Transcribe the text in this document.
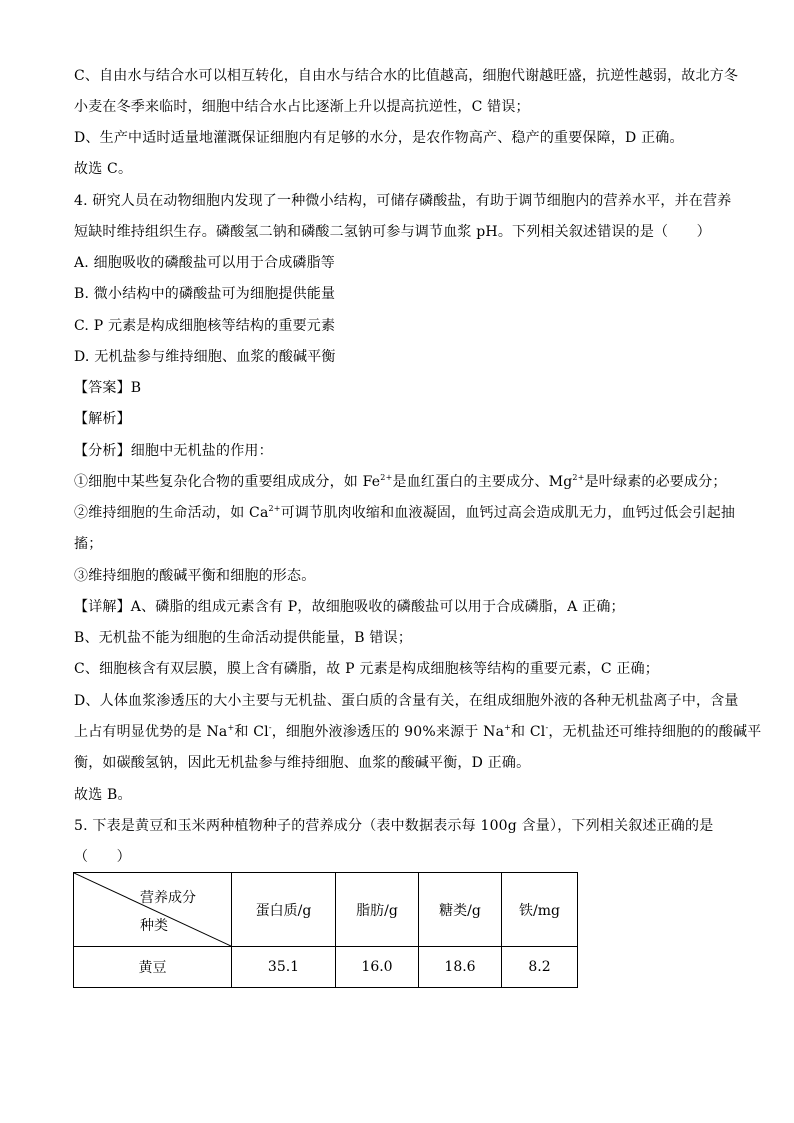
C、自由水与结合水可以相互转化，自由水与结合水的比值越高，细胞代谢越旺盛，抗逆性越弱，故北方冬
小麦在冬季来临时，细胞中结合水占比逐渐上升以提高抗逆性，C 错误；
D、生产中适时适量地灌溉保证细胞内有足够的水分，是农作物高产、稳产的重要保障，D 正确。
故选 C。
4. 研究人员在动物细胞内发现了一种微小结构，可储存磷酸盐，有助于调节细胞内的营养水平，并在营养
短缺时维持组织生存。磷酸氢二钠和磷酸二氢钠可参与调节血浆 pH。下列相关叙述错误的是（　　）
A. 细胞吸收的磷酸盐可以用于合成磷脂等
B. 微小结构中的磷酸盐可为细胞提供能量
C. P 元素是构成细胞核等结构的重要元素
D. 无机盐参与维持细胞、血浆的酸碱平衡
【答案】B
【解析】
【分析】细胞中无机盐的作用：
①细胞中某些复杂化合物的重要组成成分，如 $Fe^{2+}$是血红蛋白的主要成分、$Mg^{2+}$是叶绿素的必要成分；
②维持细胞的生命活动，如 $Ca^{2+}$可调节肌肉收缩和血液凝固，血钙过高会造成肌无力，血钙过低会引起抽
搐；
③维持细胞的酸碱平衡和细胞的形态。
【详解】A、磷脂的组成元素含有 P，故细胞吸收的磷酸盐可以用于合成磷脂，A 正确；
B、无机盐不能为细胞的生命活动提供能量，B 错误；
C、细胞核含有双层膜，膜上含有磷脂，故 P 元素是构成细胞核等结构的重要元素，C 正确；
D、人体血浆渗透压的大小主要与无机盐、蛋白质的含量有关，在组成细胞外液的各种无机盐离子中，含量
上占有明显优势的是 Na+和 Cl-，细胞外液渗透压的 90%来源于 Na+和 Cl-，无机盐还可维持细胞的的酸碱平
衡，如碳酸氢钠，因此无机盐参与维持细胞、血浆的酸碱平衡，D 正确。
故选 B。
5. 下表是黄豆和玉米两种植物种子的营养成分（表中数据表示每 100g 含量），下列相关叙述正确的是
（　　）
营养成分
种类	蛋白质/g	脂肪/g	糖类/g	铁/mg
黄豆	35.1	16.0	18.6	8.2
